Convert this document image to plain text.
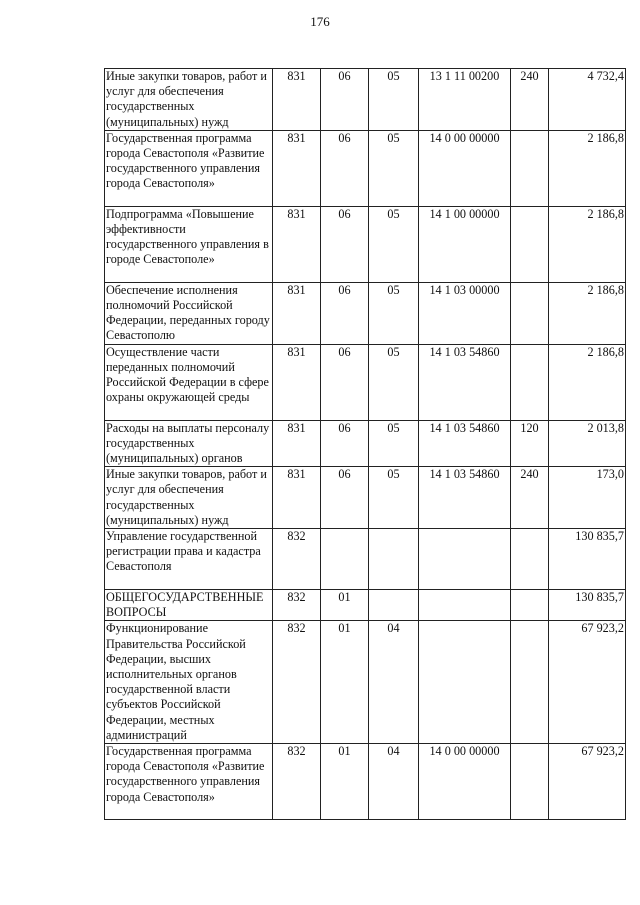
176
Иные закупки товаров, работ и услуг для обеспечения государственных (муниципальных) нужд	831	06	05	13 1 11 00200	240	4 732,4
Государственная программа города Севастополя «Развитие государственного управления города Севастополя»	831	06	05	14 0 00 00000		2 186,8
Подпрограмма «Повышение эффективности государственного управления в городе Севастополе»	831	06	05	14 1 00 00000		2 186,8
Обеспечение исполнения полномочий Российской Федерации, переданных городу Севастополю	831	06	05	14 1 03 00000		2 186,8
Осуществление части переданных полномочий Российской Федерации в сфере охраны окружающей среды	831	06	05	14 1 03 54860		2 186,8
Расходы на выплаты персоналу государственных (муниципальных) органов	831	06	05	14 1 03 54860	120	2 013,8
Иные закупки товаров, работ и услуг для обеспечения государственных (муниципальных) нужд	831	06	05	14 1 03 54860	240	173,0
Управление государственной регистрации права и кадастра Севастополя	832					130 835,7
ОБЩЕГОСУДАРСТВЕННЫЕ ВОПРОСЫ	832	01				130 835,7
Функционирование Правительства Российской Федерации, высших исполнительных органов государственной власти субъектов Российской Федерации, местных администраций	832	01	04			67 923,2
Государственная программа города Севастополя «Развитие государственного управления города Севастополя»	832	01	04	14 0 00 00000		67 923,2
